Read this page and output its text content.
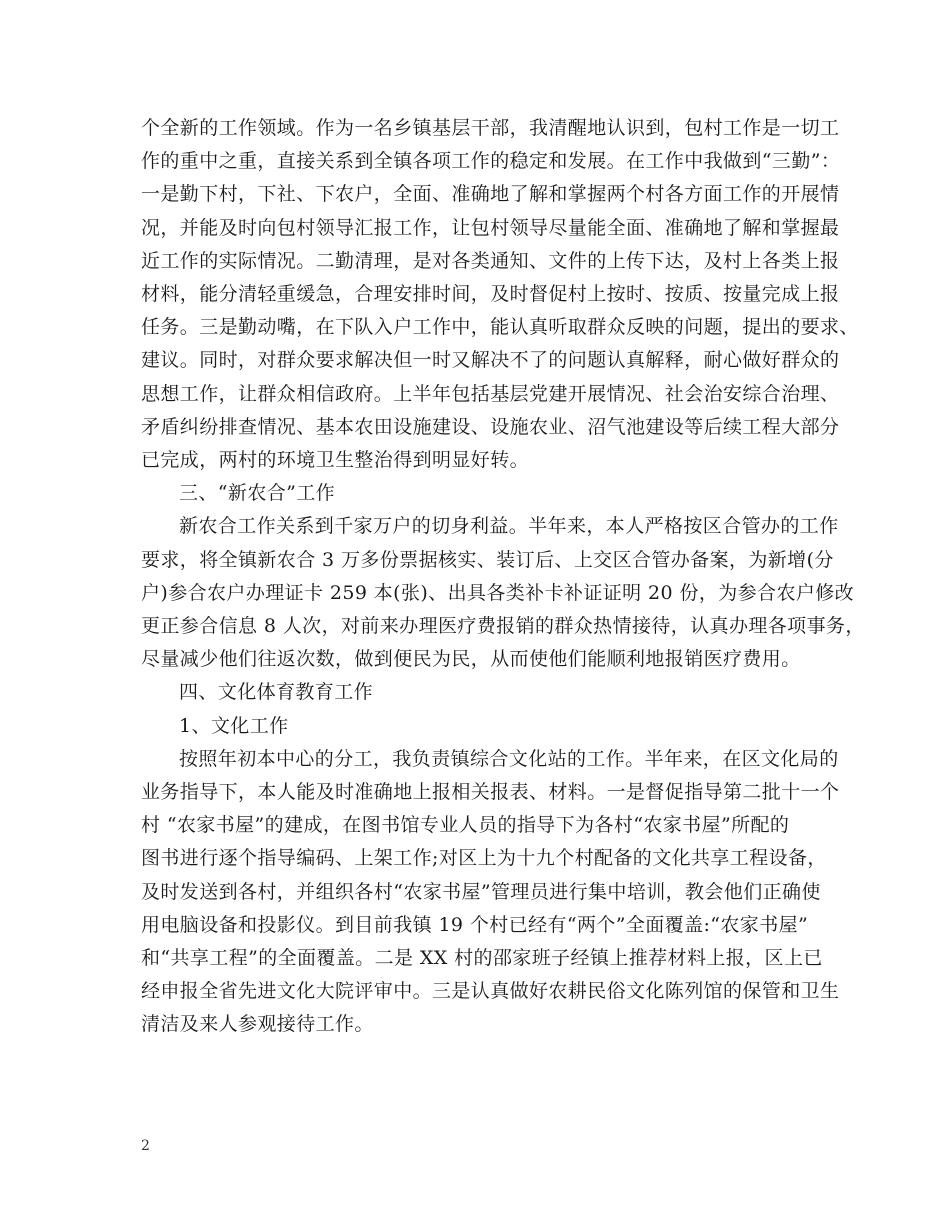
个全新的工作领域。作为一名乡镇基层干部，我清醒地认识到，包村工作是一切工
作的重中之重，直接关系到全镇各项工作的稳定和发展。在工作中我做到“三勤”：
一是勤下村，下社、下农户，全面、准确地了解和掌握两个村各方面工作的开展情
况，并能及时向包村领导汇报工作，让包村领导尽量能全面、准确地了解和掌握最
近工作的实际情况。二勤清理，是对各类通知、文件的上传下达，及村上各类上报
材料，能分清轻重缓急，合理安排时间，及时督促村上按时、按质、按量完成上报
任务。三是勤动嘴，在下队入户工作中，能认真听取群众反映的问题，提出的要求、
建议。同时，对群众要求解决但一时又解决不了的问题认真解释，耐心做好群众的
思想工作，让群众相信政府。上半年包括基层党建开展情况、社会治安综合治理、
矛盾纠纷排查情况、基本农田设施建设、设施农业、沼气池建设等后续工程大部分
已完成，两村的环境卫生整治得到明显好转。

三、“新农合”工作

新农合工作关系到千家万户的切身利益。半年来，本人严格按区合管办的工作
要求，将全镇新农合 3 万多份票据核实、装订后、上交区合管办备案，为新增(分
户)参合农户办理证卡 259 本(张)、出具各类补卡补证证明 20 份，为参合农户修改
更正参合信息 8 人次，对前来办理医疗费报销的群众热情接待，认真办理各项事务，
尽量减少他们往返次数，做到便民为民，从而使他们能顺利地报销医疗费用。

四、文化体育教育工作

1、文化工作

按照年初本中心的分工，我负责镇综合文化站的工作。半年来，在区文化局的
业务指导下，本人能及时准确地上报相关报表、材料。一是督促指导第二批十一个
村 “农家书屋”的建成，在图书馆专业人员的指导下为各村“农家书屋”所配的
图书进行逐个指导编码、上架工作;对区上为十九个村配备的文化共享工程设备，
及时发送到各村，并组织各村“农家书屋”管理员进行集中培训，教会他们正确使
用电脑设备和投影仪。到目前我镇 19 个村已经有“两个”全面覆盖:“农家书屋”
和“共享工程”的全面覆盖。二是 XX 村的邵家班子经镇上推荐材料上报，区上已
经申报全省先进文化大院评审中。三是认真做好农耕民俗文化陈列馆的保管和卫生
清洁及来人参观接待工作。

2
